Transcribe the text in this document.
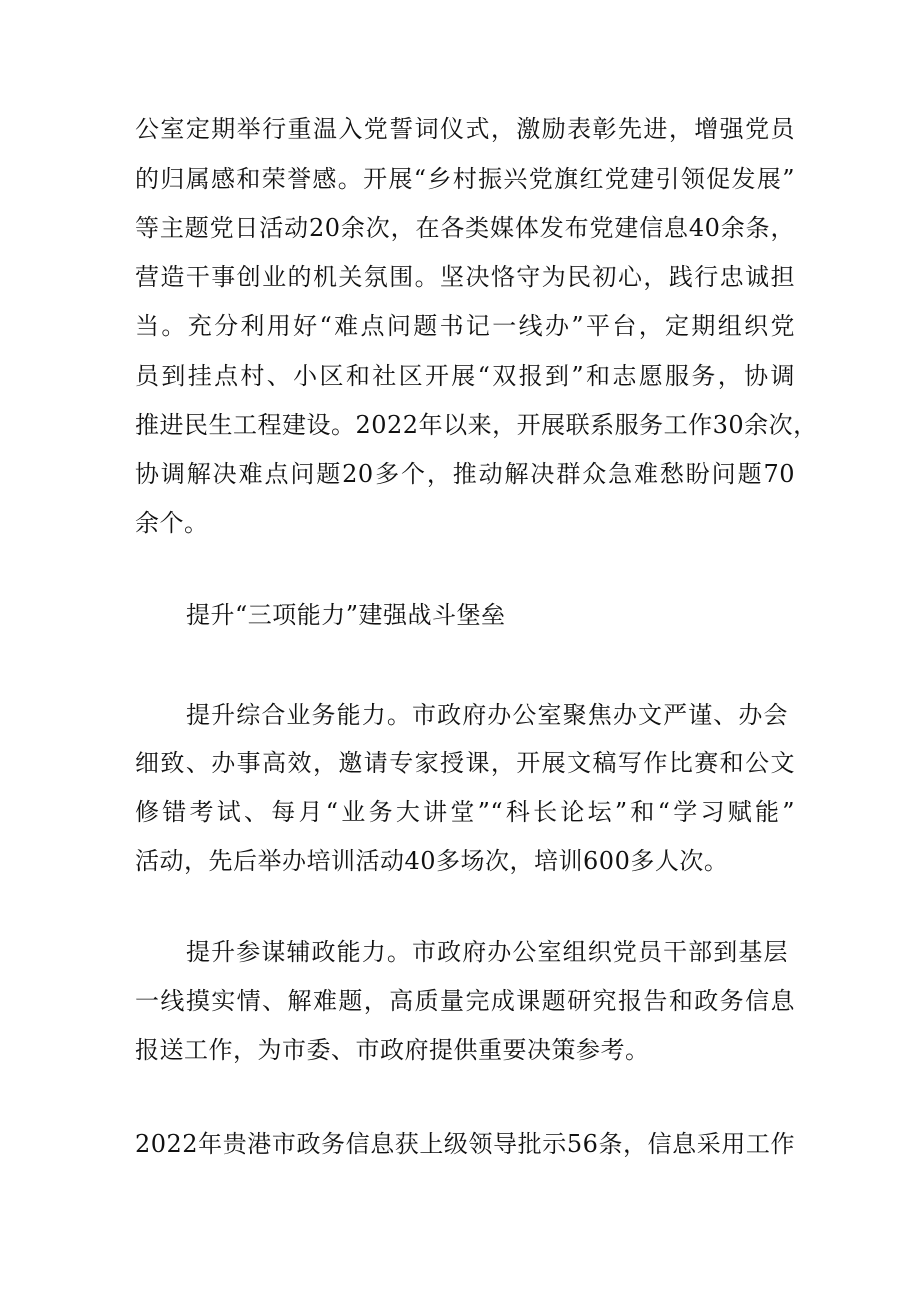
公室定期举行重温入党誓词仪式，激励表彰先进，增强党员
的归属感和荣誉感。开展“乡村振兴党旗红党建引领促发展”
等主题党日活动20余次，在各类媒体发布党建信息40余条，
营造干事创业的机关氛围。坚决恪守为民初心，践行忠诚担
当。充分利用好“难点问题书记一线办”平台，定期组织党
员到挂点村、小区和社区开展“双报到”和志愿服务，协调
推进民生工程建设。2022年以来，开展联系服务工作30余次，
协调解决难点问题20多个，推动解决群众急难愁盼问题70
余个。
提升“三项能力”建强战斗堡垒
提升综合业务能力。市政府办公室聚焦办文严谨、办会
细致、办事高效，邀请专家授课，开展文稿写作比赛和公文
修错考试、每月“业务大讲堂”“科长论坛”和“学习赋能”
活动，先后举办培训活动40多场次，培训600多人次。
提升参谋辅政能力。市政府办公室组织党员干部到基层
一线摸实情、解难题，高质量完成课题研究报告和政务信息
报送工作，为市委、市政府提供重要决策参考。
2022年贵港市政务信息获上级领导批示56条，信息采用工作
